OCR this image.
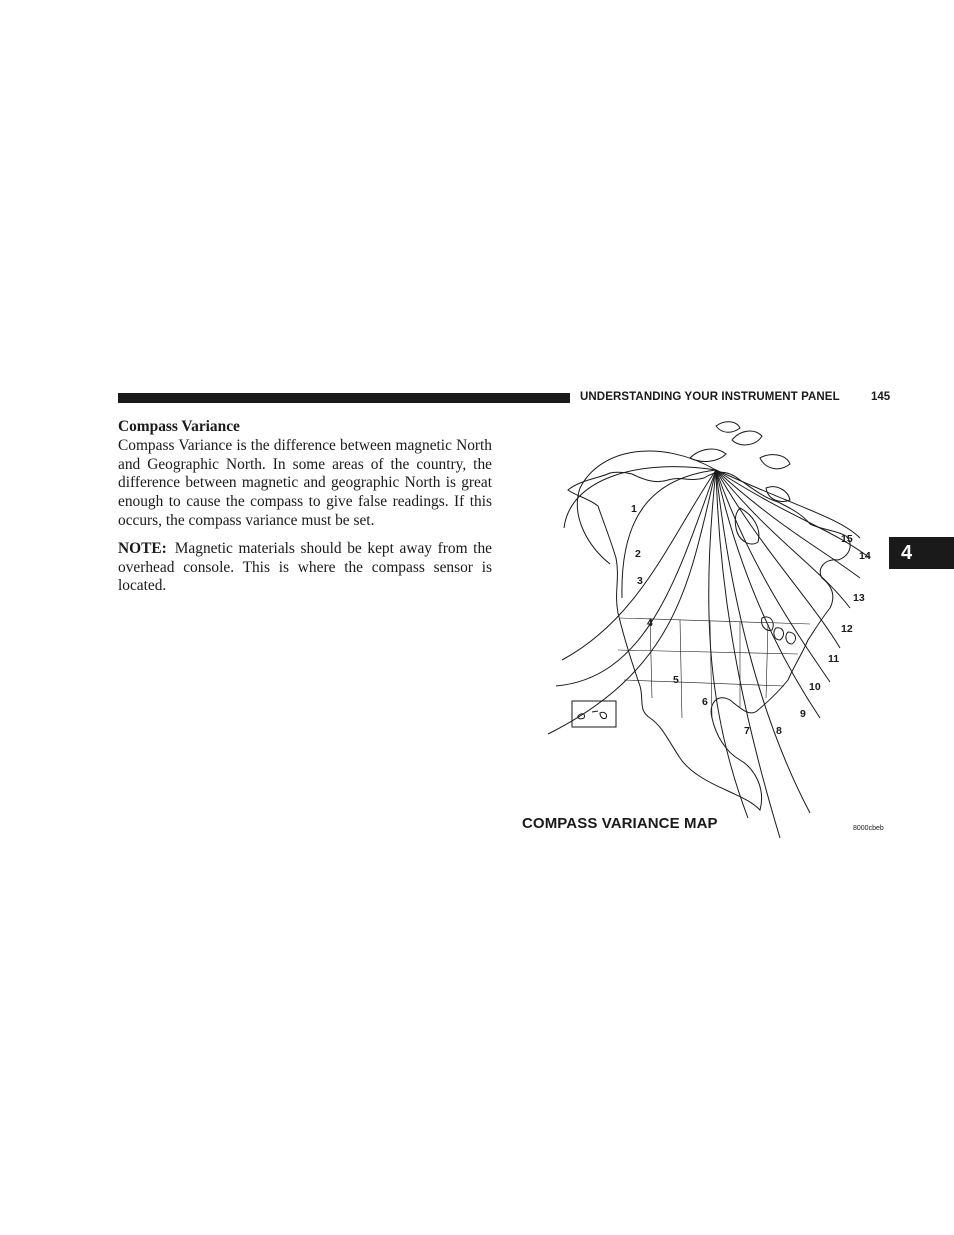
UNDERSTANDING YOUR INSTRUMENT PANEL	145
4

Compass Variance

Compass Variance is the difference between magnetic North and Geographic North. In some areas of the country, the difference between magnetic and geographic North is great enough to cause the compass to give false readings. If this occurs, the compass variance must be set.

NOTE: Magnetic materials should be kept away from the overhead console. This is where the compass sensor is located.

1
2
3
4
5
6
7 8
9
10
11
12
13
14
15
COMPASS VARIANCE MAP	8000cbeb
